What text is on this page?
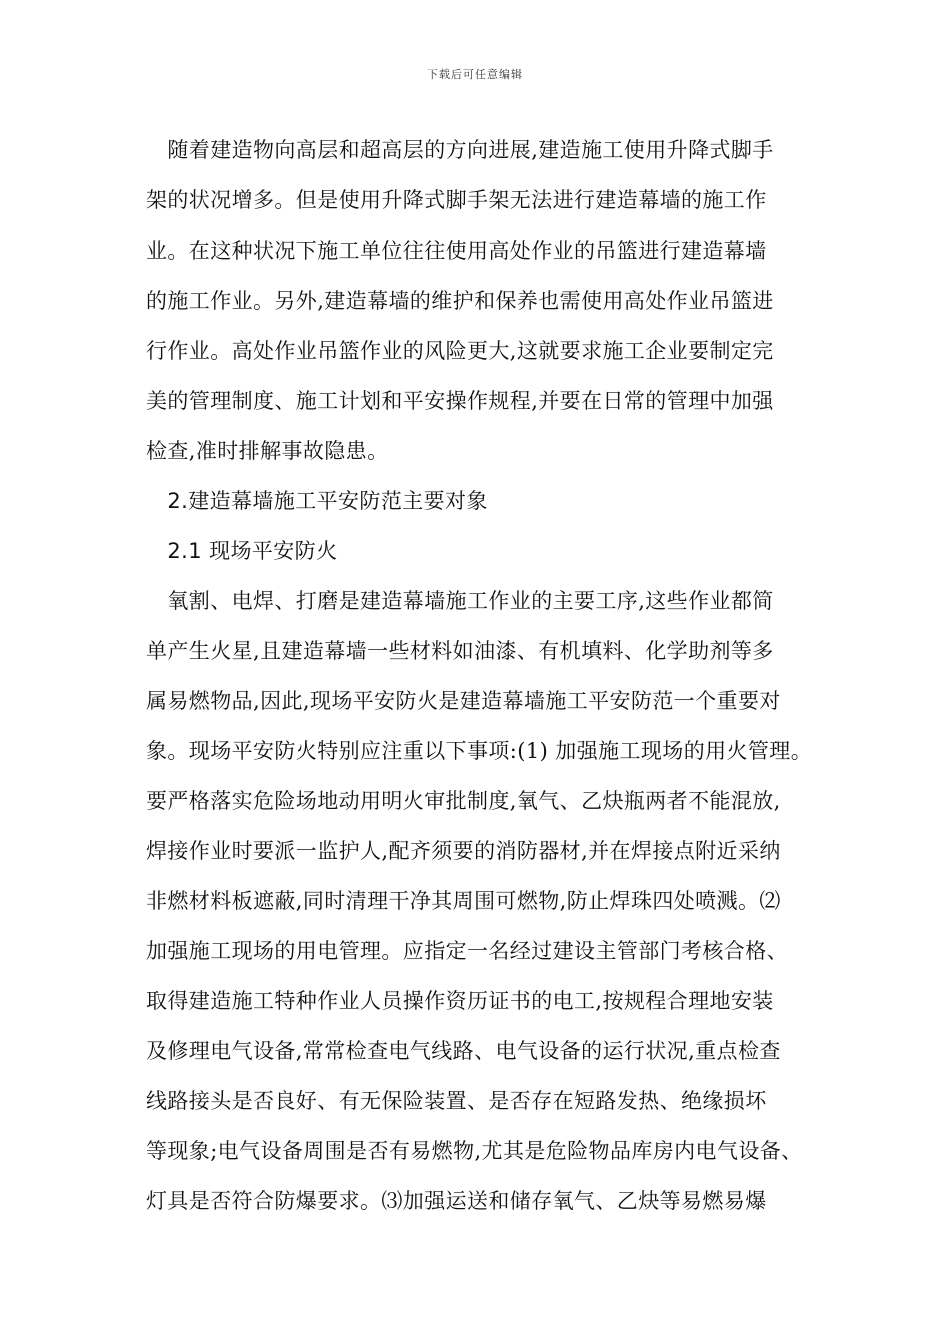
下载后可任意编辑
　随着建造物向高层和超高层的方向进展,建造施工使用升降式脚手
架的状况增多。但是使用升降式脚手架无法进行建造幕墙的施工作
业。在这种状况下施工单位往往使用高处作业的吊篮进行建造幕墙
的施工作业。另外,建造幕墙的维护和保养也需使用高处作业吊篮进
行作业。高处作业吊篮作业的风险更大,这就要求施工企业要制定完
美的管理制度、施工计划和平安操作规程,并要在日常的管理中加强
检查,准时排解事故隐患。
　2.建造幕墙施工平安防范主要对象
　2.1 现场平安防火
　氧割、电焊、打磨是建造幕墙施工作业的主要工序,这些作业都简
单产生火星,且建造幕墙一些材料如油漆、有机填料、化学助剂等多
属易燃物品,因此,现场平安防火是建造幕墙施工平安防范一个重要对
象。现场平安防火特别应注重以下事项:(1) 加强施工现场的用火管理。
要严格落实危险场地动用明火审批制度,氧气、乙炔瓶两者不能混放,
焊接作业时要派一监护人,配齐须要的消防器材,并在焊接点附近采纳
非燃材料板遮蔽,同时清理干净其周围可燃物,防止焊珠四处喷溅。⑵
加强施工现场的用电管理。应指定一名经过建设主管部门考核合格、
取得建造施工特种作业人员操作资历证书的电工,按规程合理地安装
及修理电气设备,常常检查电气线路、电气设备的运行状况,重点检查
线路接头是否良好、有无保险装置、是否存在短路发热、绝缘损坏
等现象;电气设备周围是否有易燃物,尤其是危险物品库房内电气设备、
灯具是否符合防爆要求。⑶加强运送和储存氧气、乙炔等易燃易爆
